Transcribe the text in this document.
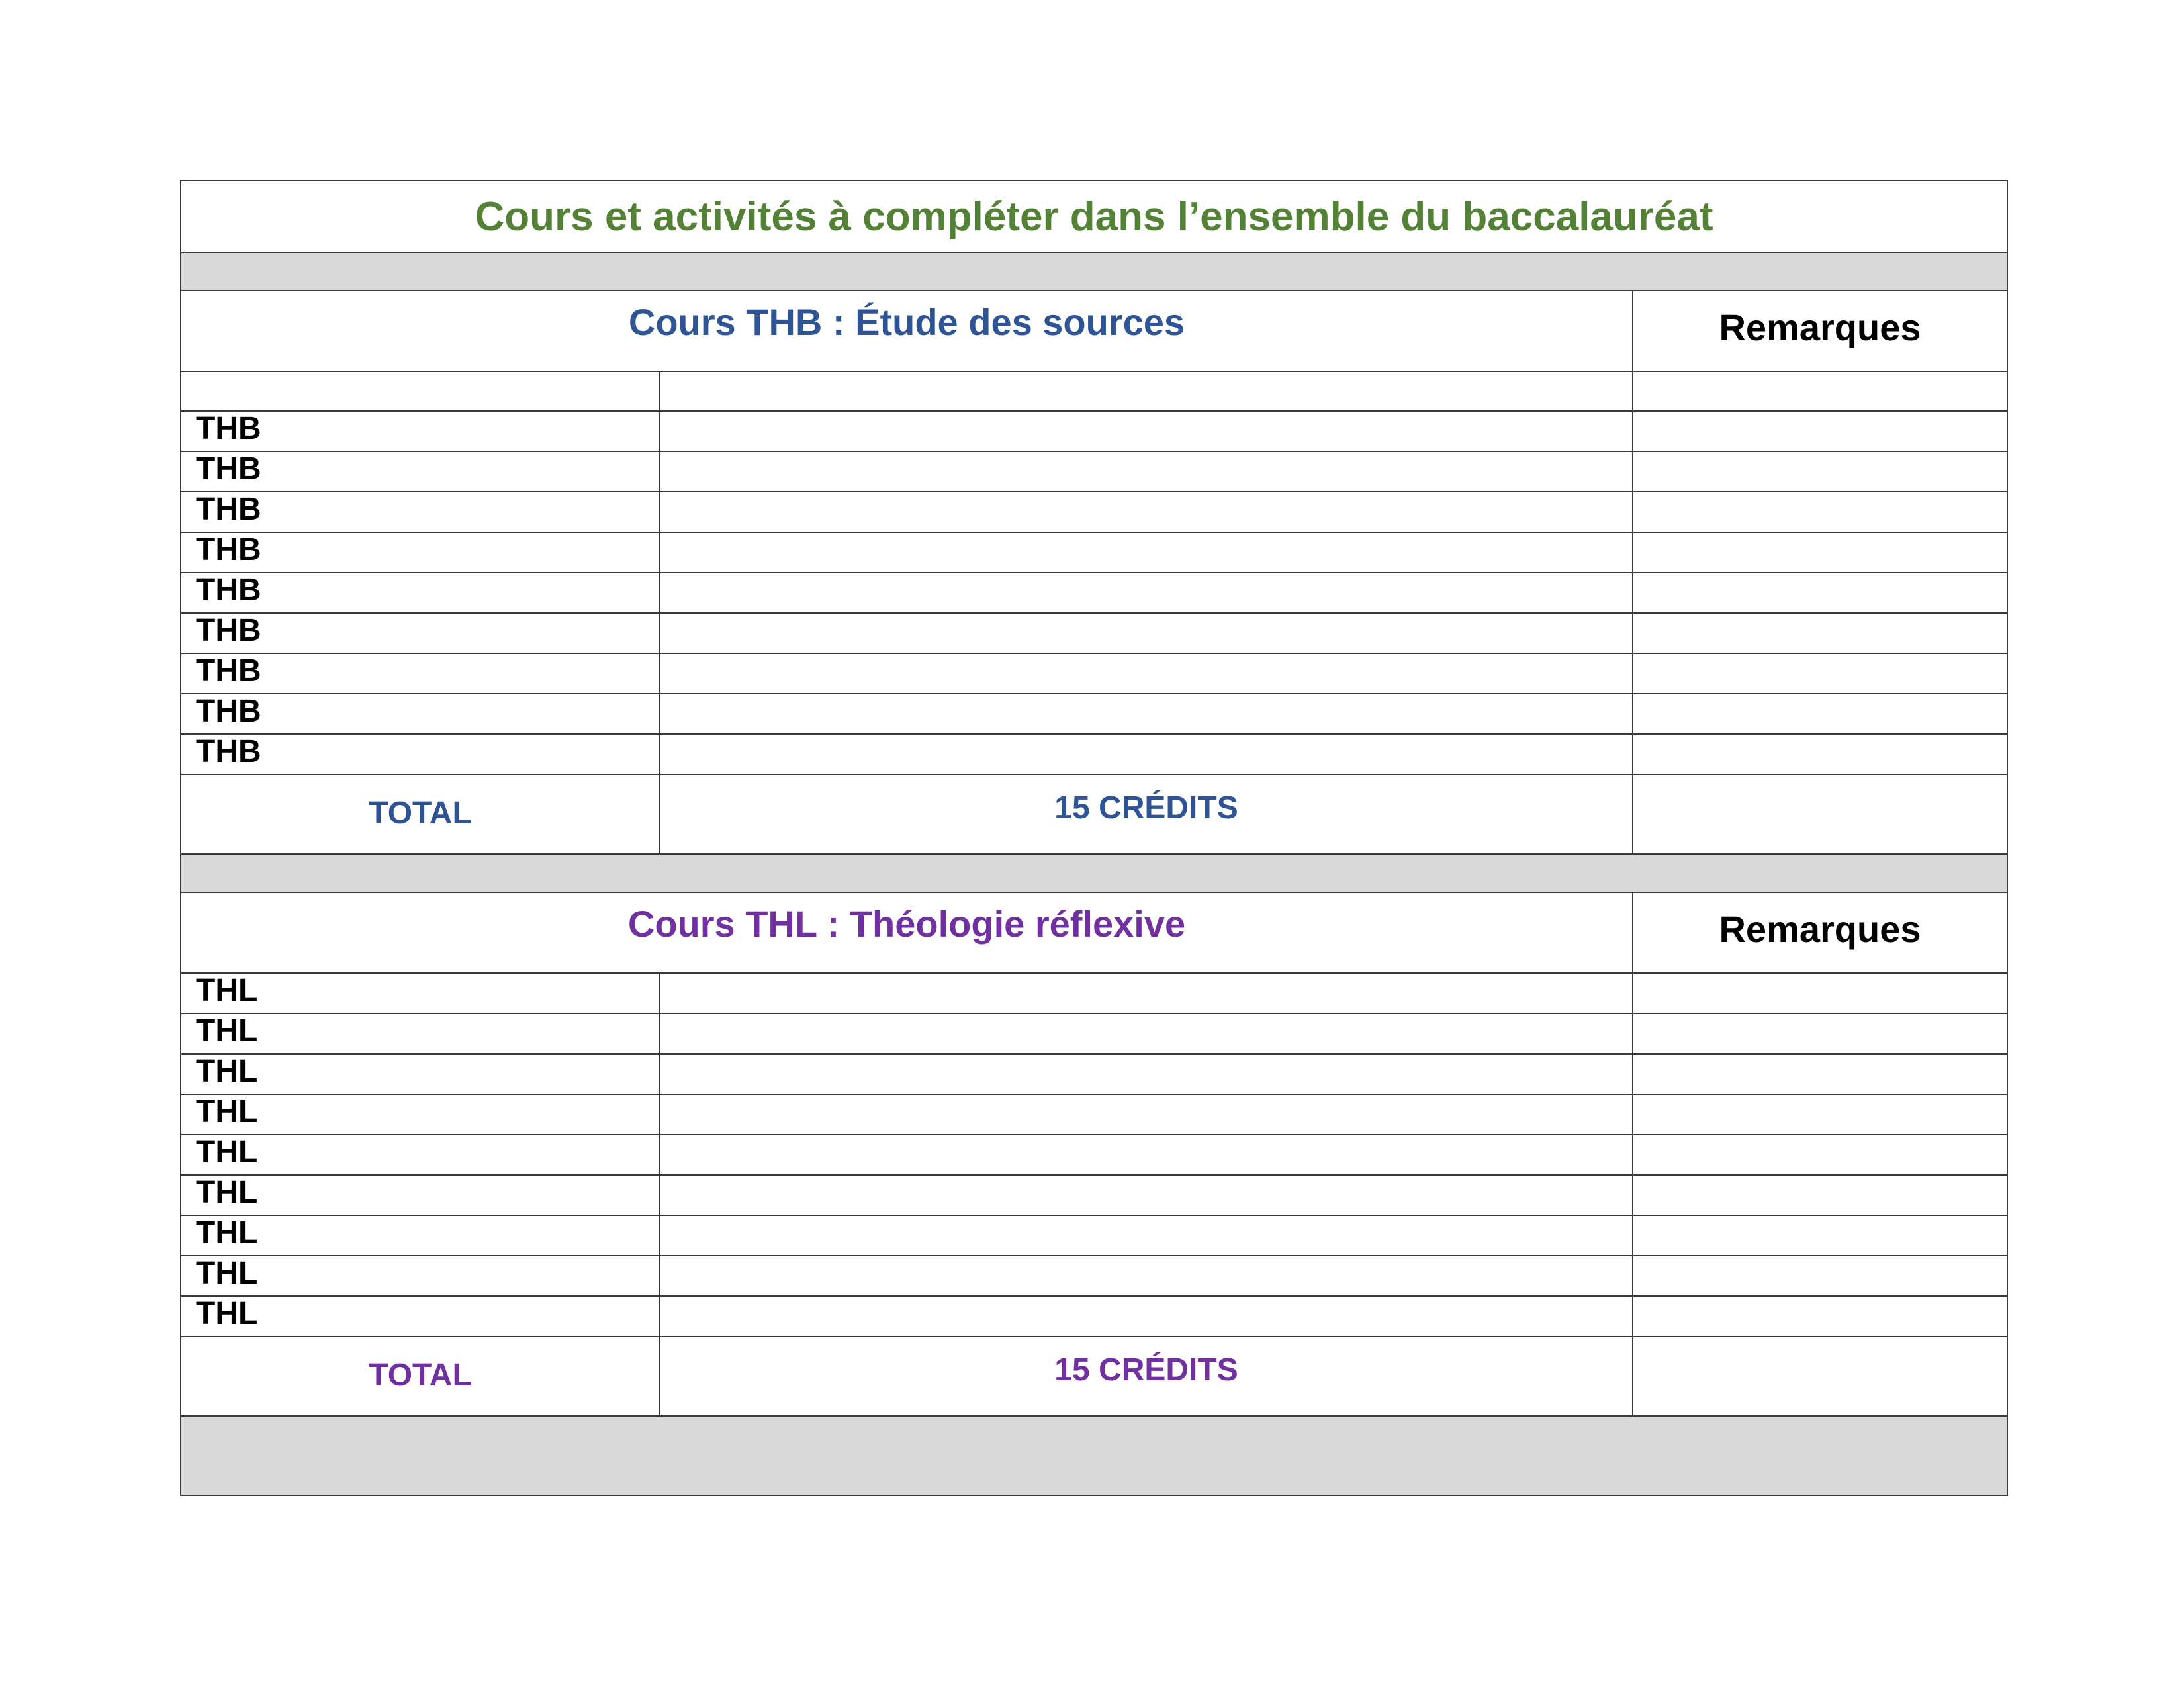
Cours et activités à compléter dans l’ensemble du baccalauréat
Cours THB : Étude des sources	Remarques
THB
THB
THB
THB
THB
THB
THB
THB
THB
TOTAL	15 CRÉDITS
Cours THL : Théologie réflexive	Remarques
THL
THL
THL
THL
THL
THL
THL
THL
THL
TOTAL	15 CRÉDITS
